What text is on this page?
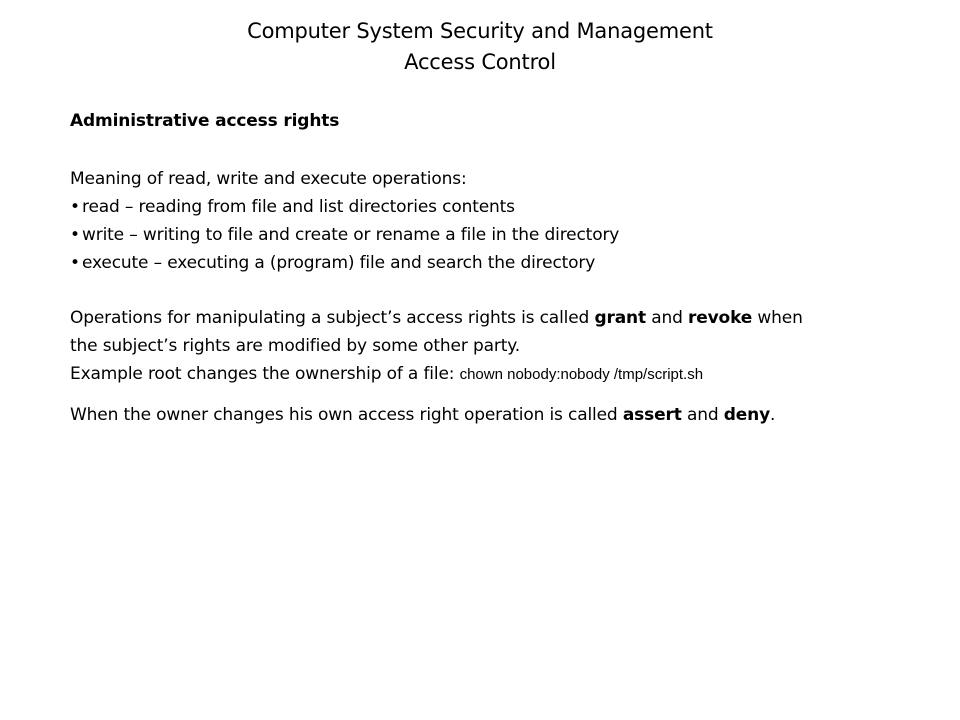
Computer System Security and Management
Access Control
Administrative access rights
Meaning of read, write and execute operations:
• read – reading from file and list directories contents
• write – writing to file and create or rename a file in the directory
• execute – executing a (program) file and search the directory
Operations for manipulating a subject’s access rights is called grant and revoke when
the subject’s rights are modified by some other party.
Example root changes the ownership of a file: chown nobody:nobody /tmp/script.sh
When the owner changes his own access right operation is called assert and deny.
